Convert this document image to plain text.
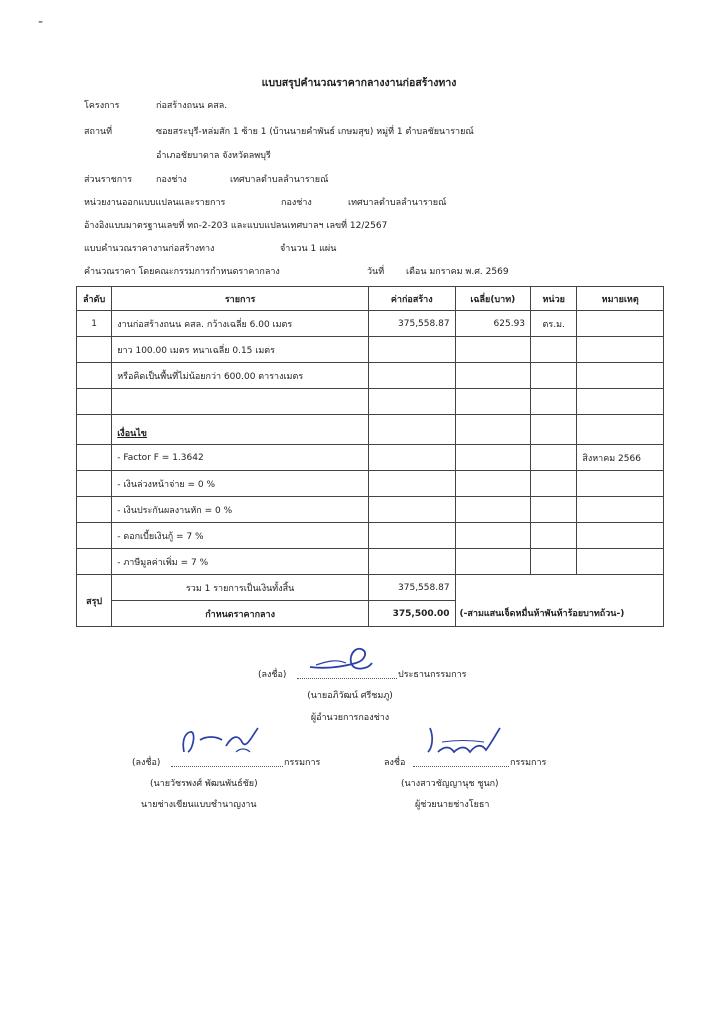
-
แบบสรุปคำนวณราคากลางงานก่อสร้างทาง
โครงการ	ก่อสร้างถนน คสล.
สถานที่	ซอยสระบุรี-หล่มสัก 1 ซ้าย 1 (บ้านนายคำพันธ์ เกษมสุข) หมู่ที่ 1 ตำบลชัยนารายณ์
อำเภอชัยบาดาล จังหวัดลพบุรี
ส่วนราชการ	กองช่าง	เทศบาลตำบลลำนารายณ์
หน่วยงานออกแบบแปลนและรายการ	กองช่าง	เทศบาลตำบลลำนารายณ์
อ้างอิงแบบมาตรฐานเลขที่ ทถ-2-203 และแบบแปลนเทศบาลฯ เลขที่ 12/2567
แบบคำนวณราคางานก่อสร้างทาง	จำนวน 1 แผ่น
คำนวณราคา โดยคณะกรรมการกำหนดราคากลาง	วันที่ เดือน มกราคม พ.ศ. 2569
ลำดับ	รายการ	ค่าก่อสร้าง	เฉลี่ย(บาท)	หน่วย	หมายเหตุ
1	งานก่อสร้างถนน คสล. กว้างเฉลี่ย 6.00 เมตร	375,558.87	625.93	ตร.ม.	
	ยาว 100.00 เมตร หนาเฉลี่ย 0.15 เมตร				
	หรือคิดเป็นพื้นที่ไม่น้อยกว่า 600.00 ตารางเมตร				

	เงื่อนไข				
	- Factor F = 1.3642				สิงหาคม 2566
	- เงินล่วงหน้าจ่าย = 0 %				
	- เงินประกันผลงานหัก = 0 %				
	- ดอกเบี้ยเงินกู้ = 7 %				
	- ภาษีมูลค่าเพิ่ม = 7 %				
สรุป	รวม 1 รายการเป็นเงินทั้งสิ้น	375,558.87			
	กำหนดราคากลาง	375,500.00	(-สามแสนเจ็ดหมื่นห้าพันห้าร้อยบาทถ้วน-)		
(ลงชื่อ)	ประธานกรรมการ
(นายอภิวัฒน์ ศรีชมภู)
ผู้อำนวยการกองช่าง
(ลงชื่อ)	กรรมการ
(นายวัชรพงศ์ พัฒนพันธ์ชัย)
นายช่างเขียนแบบชำนาญงาน
ลงชื่อ	กรรมการ
(นางสาวชัญญานุช ชูนก)
ผู้ช่วยนายช่างโยธา
